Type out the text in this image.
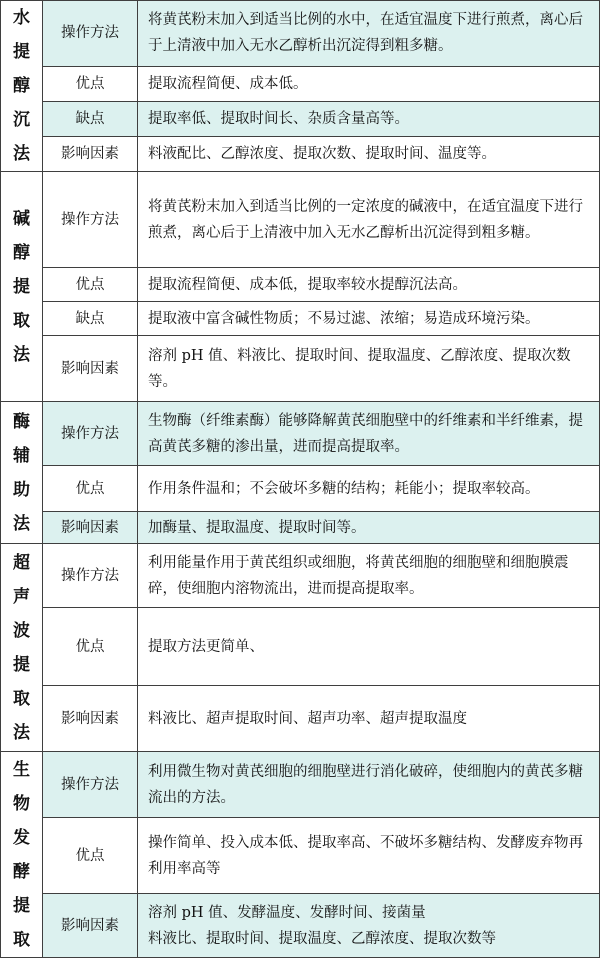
水提醇沉法	操作方法	将黄芪粉末加入到适当比例的水中，在适宜温度下进行煎煮，离心后于上清液中加入无水乙醇析出沉淀得到粗多糖。
	优点	提取流程简便、成本低。
	缺点	提取率低、提取时间长、杂质含量高等。
	影响因素	料液配比、乙醇浓度、提取次数、提取时间、温度等。
碱醇提取法	操作方法	将黄芪粉末加入到适当比例的一定浓度的碱液中，在适宜温度下进行煎煮，离心后于上清液中加入无水乙醇析出沉淀得到粗多糖。
	优点	提取流程简便、成本低，提取率较水提醇沉法高。
	缺点	提取液中富含碱性物质；不易过滤、浓缩；易造成环境污染。
	影响因素	溶剂 pH 值、料液比、提取时间、提取温度、乙醇浓度、提取次数等。
酶辅助法	操作方法	生物酶（纤维素酶）能够降解黄芪细胞壁中的纤维素和半纤维素，提高黄芪多糖的渗出量，进而提高提取率。
	优点	作用条件温和；不会破坏多糖的结构；耗能小；提取率较高。
	影响因素	加酶量、提取温度、提取时间等。
超声波提取法	操作方法	利用能量作用于黄芪组织或细胞，将黄芪细胞的细胞壁和细胞膜震碎，使细胞内溶物流出，进而提高提取率。
	优点	提取方法更简单、
	影响因素	料液比、超声提取时间、超声功率、超声提取温度
生物发酵提取	操作方法	利用微生物对黄芪细胞的细胞壁进行消化破碎，使细胞内的黄芪多糖流出的方法。
	优点	操作简单、投入成本低、提取率高、不破坏多糖结构、发酵废弃物再利用率高等
	影响因素	溶剂 pH 值、发酵温度、发酵时间、接菌量
料液比、提取时间、提取温度、乙醇浓度、提取次数等
